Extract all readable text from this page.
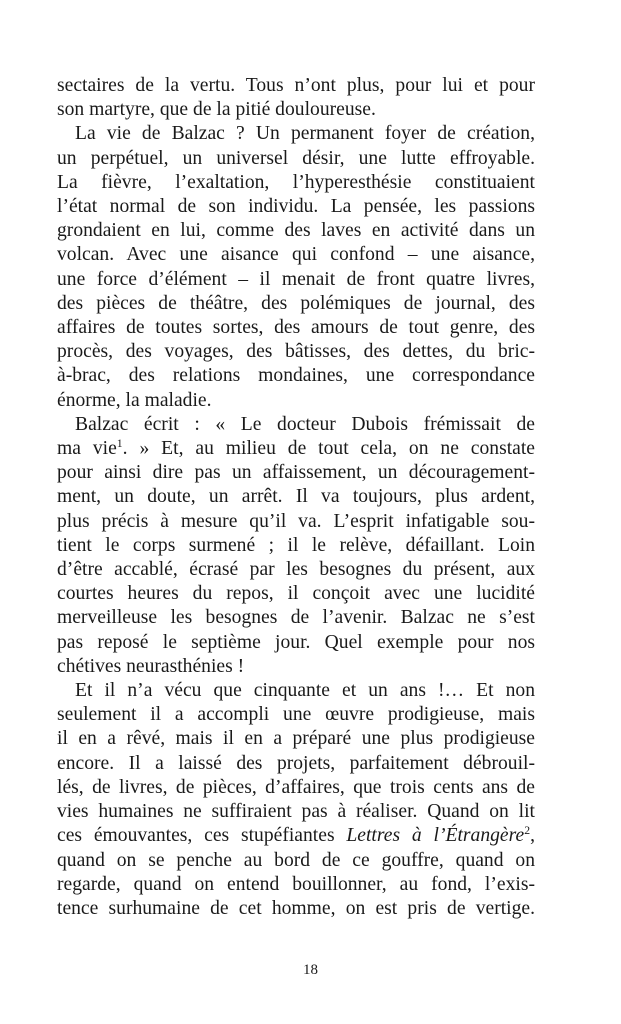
sectaires de la vertu. Tous n’ont plus, pour lui et pour
son martyre, que de la pitié douloureuse.

La vie de Balzac ? Un permanent foyer de création,
un perpétuel, un universel désir, une lutte effroyable.
La fièvre, l’exaltation, l’hyperesthésie constituaient
l’état normal de son individu. La pensée, les passions
grondaient en lui, comme des laves en activité dans un
volcan. Avec une aisance qui confond – une aisance,
une force d’élément – il menait de front quatre livres,
des pièces de théâtre, des polémiques de journal, des
affaires de toutes sortes, des amours de tout genre, des
procès, des voyages, des bâtisses, des dettes, du bric-
à-brac, des relations mondaines, une correspondance
énorme, la maladie.

Balzac écrit : « Le docteur Dubois frémissait de
ma vie$^1$. » Et, au milieu de tout cela, on ne constate
pour ainsi dire pas un affaissement, un découragement-
ment, un doute, un arrêt. Il va toujours, plus ardent,
plus précis à mesure qu’il va. L’esprit infatigable sou-
tient le corps surmené ; il le relève, défaillant. Loin
d’être accablé, écrasé par les besognes du présent, aux
courtes heures du repos, il conçoit avec une lucidité
merveilleuse les besognes de l’avenir. Balzac ne s’est
pas reposé le septième jour. Quel exemple pour nos
chétives neurasthénies !

Et il n’a vécu que cinquante et un ans !… Et non
seulement il a accompli une œuvre prodigieuse, mais
il en a rêvé, mais il en a préparé une plus prodigieuse
encore. Il a laissé des projets, parfaitement débrouil-
lés, de livres, de pièces, d’affaires, que trois cents ans de
vies humaines ne suffiraient pas à réaliser. Quand on lit
ces émouvantes, ces stupéfiantes Lettres à l’Étrangère$^2$,
quand on se penche au bord de ce gouffre, quand on
regarde, quand on entend bouillonner, au fond, l’exis-
tence surhumaine de cet homme, on est pris de vertige.

18
